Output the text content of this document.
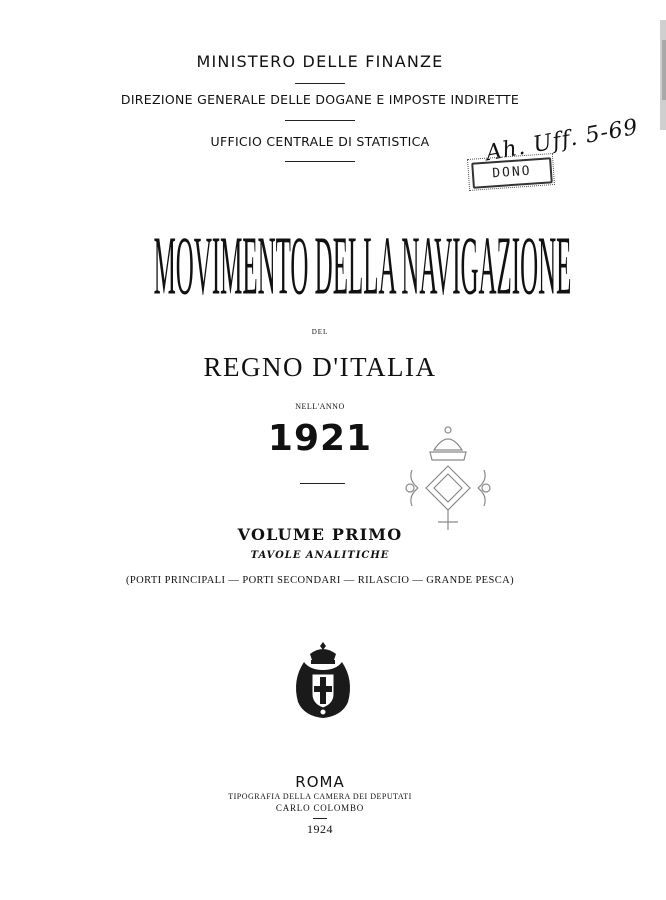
MINISTERO DELLE FINANZE
DIREZIONE GENERALE DELLE DOGANE E IMPOSTE INDIRETTE
UFFICIO CENTRALE DI STATISTICA	Ah. Uff. 5-69
DONO
MOVIMENTO DELLA NAVIGAZIONE
DEL
REGNO D'ITALIA
NELL'ANNO
1921
VOLUME PRIMO
TAVOLE ANALITICHE
(PORTI PRINCIPALI — PORTI SECONDARI — RILASCIO — GRANDE PESCA)
ROMA
TIPOGRAFIA DELLA CAMERA DEI DEPUTATI
CARLO COLOMBO
1924
